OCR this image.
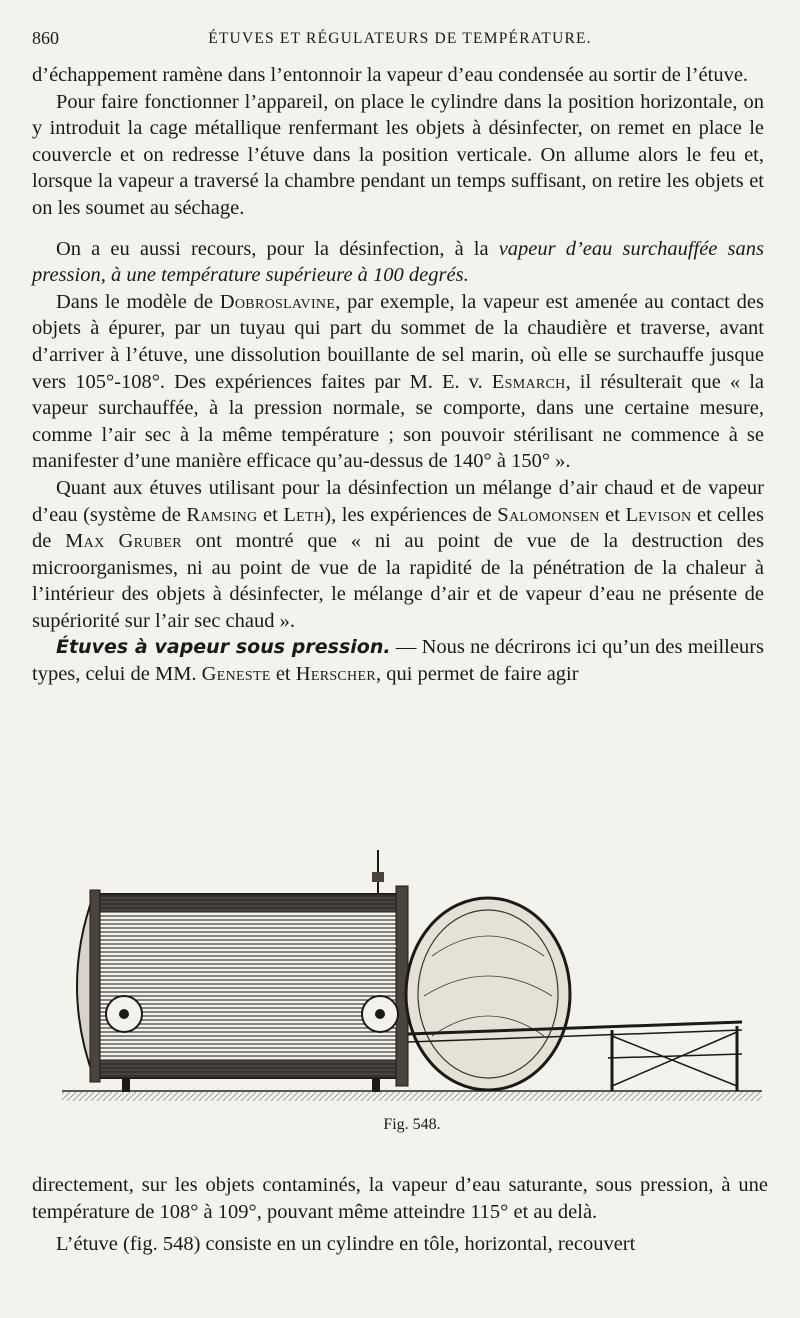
860	ÉTUVES ET RÉGULATEURS DE TEMPÉRATURE.

d’échappement ramène dans l’entonnoir la vapeur d’eau condensée au sortir de l’étuve.

Pour faire fonctionner l’appareil, on place le cylindre dans la position horizontale, on y introduit la cage métallique renfermant les objets à désinfecter, on remet en place le couvercle et on redresse l’étuve dans la position verticale. On allume alors le feu et, lorsque la vapeur a traversé la chambre pendant un temps suffisant, on retire les objets et on les soumet au séchage.

On a eu aussi recours, pour la désinfection, à la vapeur d’eau surchauffée sans pression, à une température supérieure à 100 degrés.

Dans le modèle de Dobroslavine, par exemple, la vapeur est amenée au contact des objets à épurer, par un tuyau qui part du sommet de la chaudière et traverse, avant d’arriver à l’étuve, une dissolution bouillante de sel marin, où elle se surchauffe jusque vers 105°-108°. Des expériences faites par M. E. v. Esmarch, il résulterait que « la vapeur surchauffée, à la pression normale, se comporte, dans une certaine mesure, comme l’air sec à la même température ; son pouvoir stérilisant ne commence à se manifester d’une manière efficace qu’au-dessus de 140° à 150° ».

Quant aux étuves utilisant pour la désinfection un mélange d’air chaud et de vapeur d’eau (système de Ramsing et Leth), les expériences de Salomonsen et Levison et celles de Max Gruber ont montré que « ni au point de vue de la destruction des microorganismes, ni au point de vue de la rapidité de la pénétration de la chaleur à l’intérieur des objets à désinfecter, le mélange d’air et de vapeur d’eau ne présente de supériorité sur l’air sec chaud ».

Étuves à vapeur sous pression. — Nous ne décrirons ici qu’un des meilleurs types, celui de MM. Geneste et Herscher, qui permet de faire agir

Fig. 548.

directement, sur les objets contaminés, la vapeur d’eau saturante, sous pression, à une température de 108° à 109°, pouvant même atteindre 115° et au delà.

L’étuve (fig. 548) consiste en un cylindre en tôle, horizontal, recouvert
